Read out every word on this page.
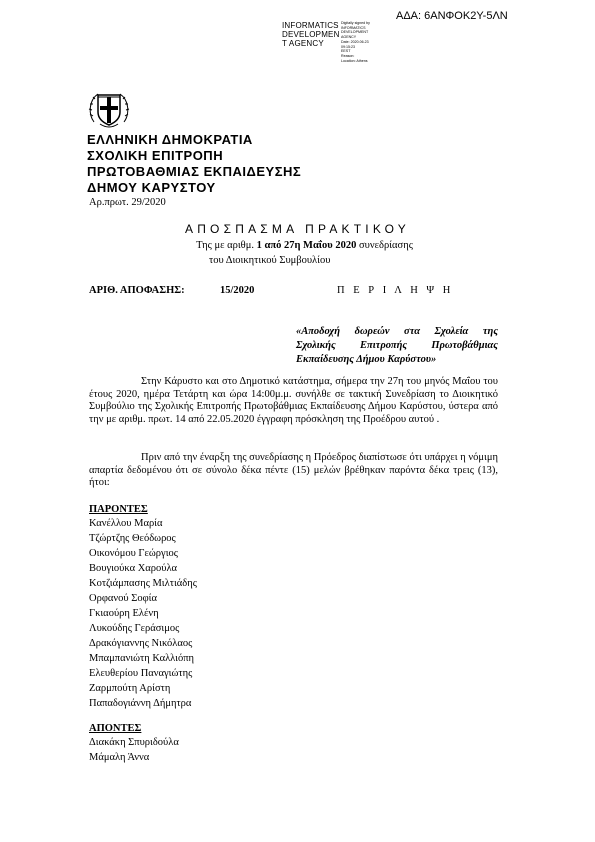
ΑΔΑ: 6ΑΝΦΟΚ2Υ-5ΛΝ
INFORMATICS
DEVELOPMEN
T AGENCY
Digitally signed by
INFORMATICS
DEVELOPMENT AGENCY
Date: 2020.06.23 09:15:23
EEST
Reason:
Location: Athens
ΕΛΛΗΝΙΚΗ ΔΗΜΟΚΡΑΤΙΑ
ΣΧΟΛΙΚΗ ΕΠΙΤΡΟΠΗ
ΠΡΩΤΟΒΑΘΜΙΑΣ ΕΚΠΑΙΔΕΥΣΗΣ
ΔΗΜΟΥ ΚΑΡΥΣΤΟΥ
Αρ.πρωτ. 29/2020
ΑΠΟΣΠΑΣΜΑ ΠΡΑΚΤΙΚΟΥ
Της με αριθμ. 1 από 27η Μαΐου 2020 συνεδρίασης
του Διοικητικού Συμβουλίου
ΑΡΙΘ. ΑΠΟΦΑΣΗΣ:	15/2020	Π Ε Ρ Ι Λ Η Ψ Η
«Αποδοχή δωρεών στα Σχολεία της
Σχολικής Επιτροπής Πρωτοβάθμιας
Εκπαίδευσης Δήμου Καρύστου»
Στην Κάρυστο και στο Δημοτικό κατάστημα, σήμερα την 27η του μηνός Μαΐου του έτους 2020, ημέρα Τετάρτη και ώρα 14:00μ.μ. συνήλθε σε τακτική Συνεδρίαση το Διοικητικό Συμβούλιο της Σχολικής Επιτροπής Πρωτοβάθμιας Εκπαίδευσης Δήμου Καρύστου, ύστερα από την με αριθμ. πρωτ. 14 από 22.05.2020 έγγραφη πρόσκληση της Προέδρου αυτού .
Πριν από την έναρξη της συνεδρίασης η Πρόεδρος διαπίστωσε ότι υπάρχει η νόμιμη απαρτία δεδομένου ότι σε σύνολο δέκα πέντε (15) μελών βρέθηκαν παρόντα δέκα τρεις (13), ήτοι:
ΠΑΡΟΝΤΕΣ
Κανέλλου Μαρία
Τζώρτζης Θεόδωρος
Οικονόμου Γεώργιος
Βουγιούκα Χαρούλα
Κοτζιάμπασης Μιλτιάδης
Ορφανού Σοφία
Γκιαούρη Ελένη
Λυκούδης Γεράσιμος
Δρακόγιαννης Νικόλαος
Μπαμπανιώτη Καλλιόπη
Ελευθερίου Παναγιώτης
Ζαρμπούτη Αρίστη
Παπαδογιάννη Δήμητρα
ΑΠΟΝΤΕΣ
Διακάκη Σπυριδούλα
Μάμαλη Άννα
